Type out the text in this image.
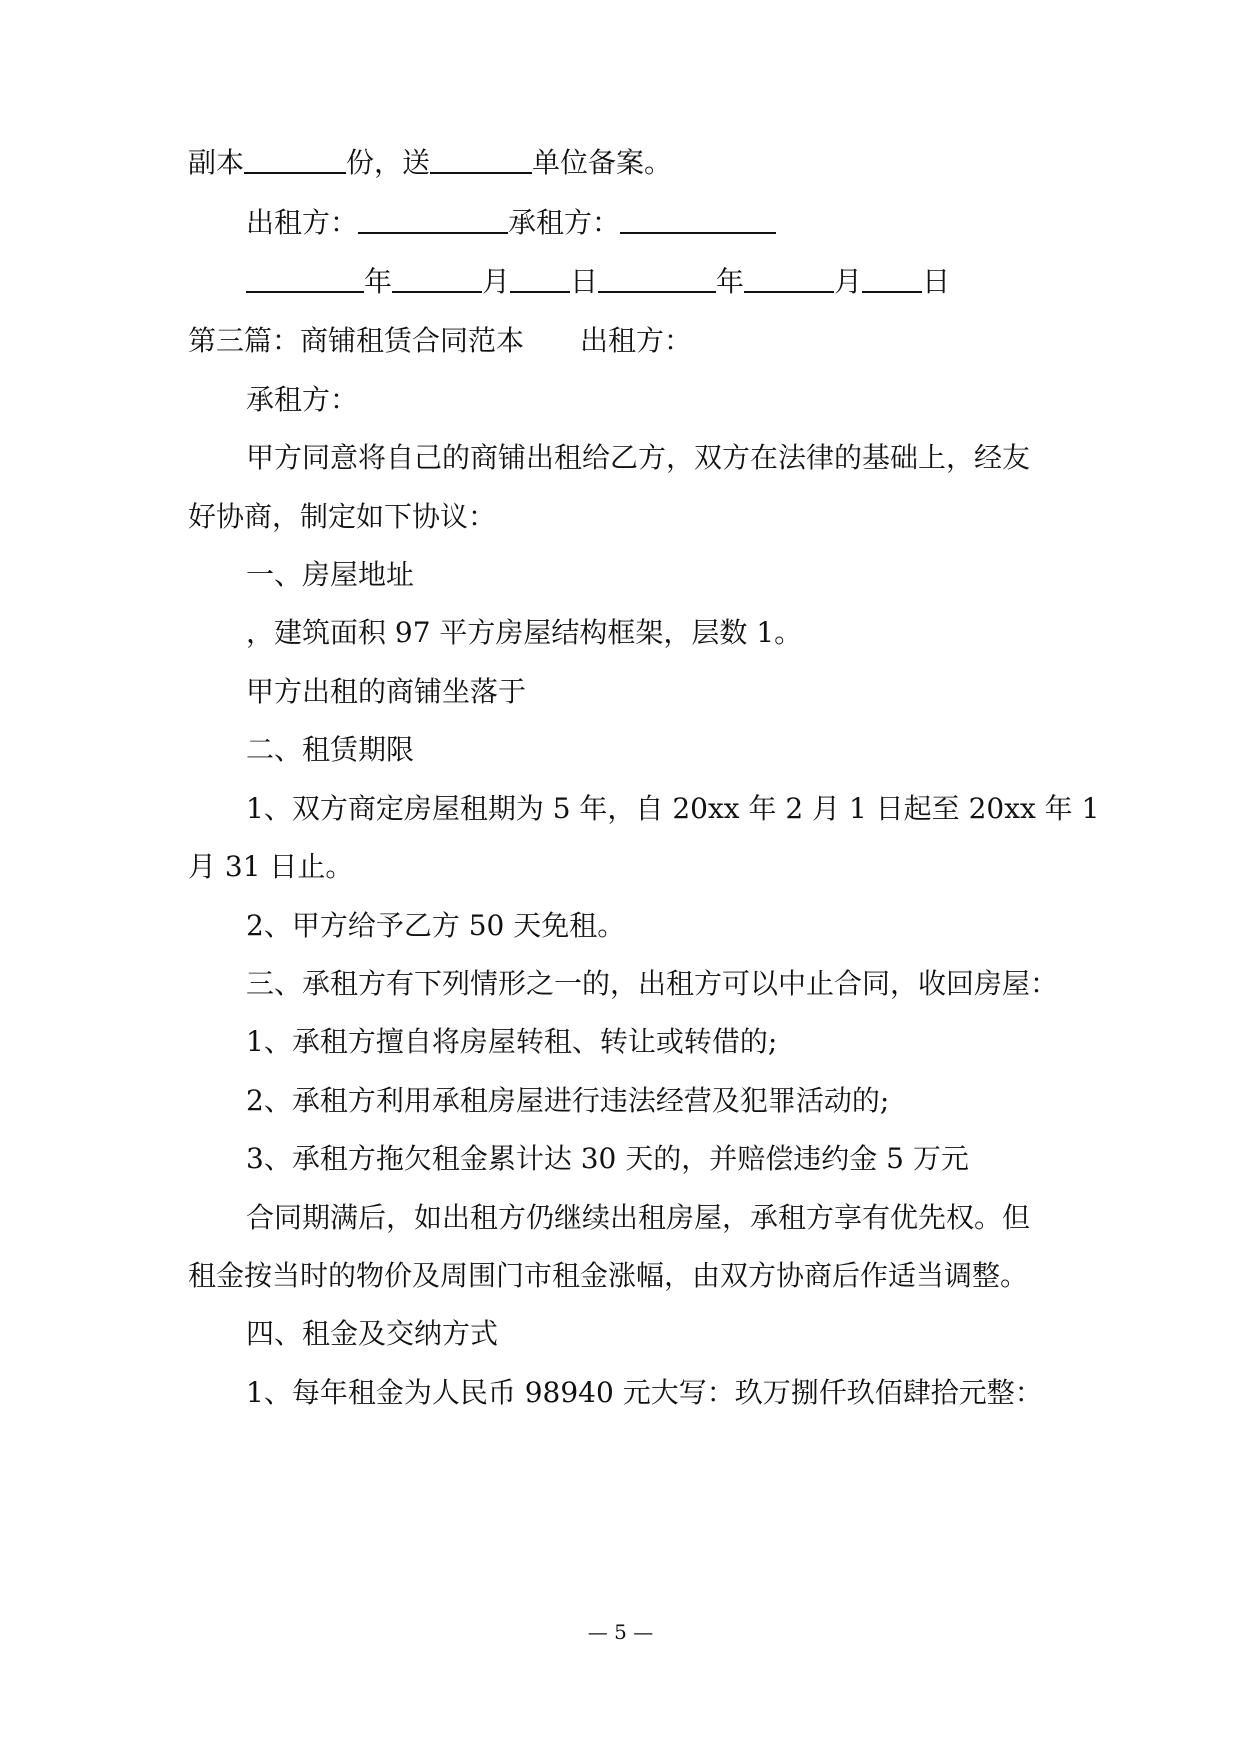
副本	份，送	单位备案。
出租方：	承租方：
年	月 日	年	月 日
第三篇：商铺租赁合同范本 出租方：
承租方：
甲方同意将自己的商铺出租给乙方，双方在法律的基础上，经友
好协商，制定如下协议：
一、房屋地址
，建筑面积 97 平方房屋结构框架，层数 1。
甲方出租的商铺坐落于
二、租赁期限
1、双方商定房屋租期为 5 年，自 20xx 年 2 月 1 日起至 20xx 年 1
月 31 日止。
2、甲方给予乙方 50 天免租。
三、承租方有下列情形之一的，出租方可以中止合同，收回房屋：
1、承租方擅自将房屋转租、转让或转借的;
2、承租方利用承租房屋进行违法经营及犯罪活动的;
3、承租方拖欠租金累计达 30 天的，并赔偿违约金 5 万元
合同期满后，如出租方仍继续出租房屋，承租方享有优先权。但
租金按当时的物价及周围门市租金涨幅，由双方协商后作适当调整。
四、租金及交纳方式
1、每年租金为人民币 98940 元大写：玖万捌仟玖佰肆拾元整：
— 5 —
